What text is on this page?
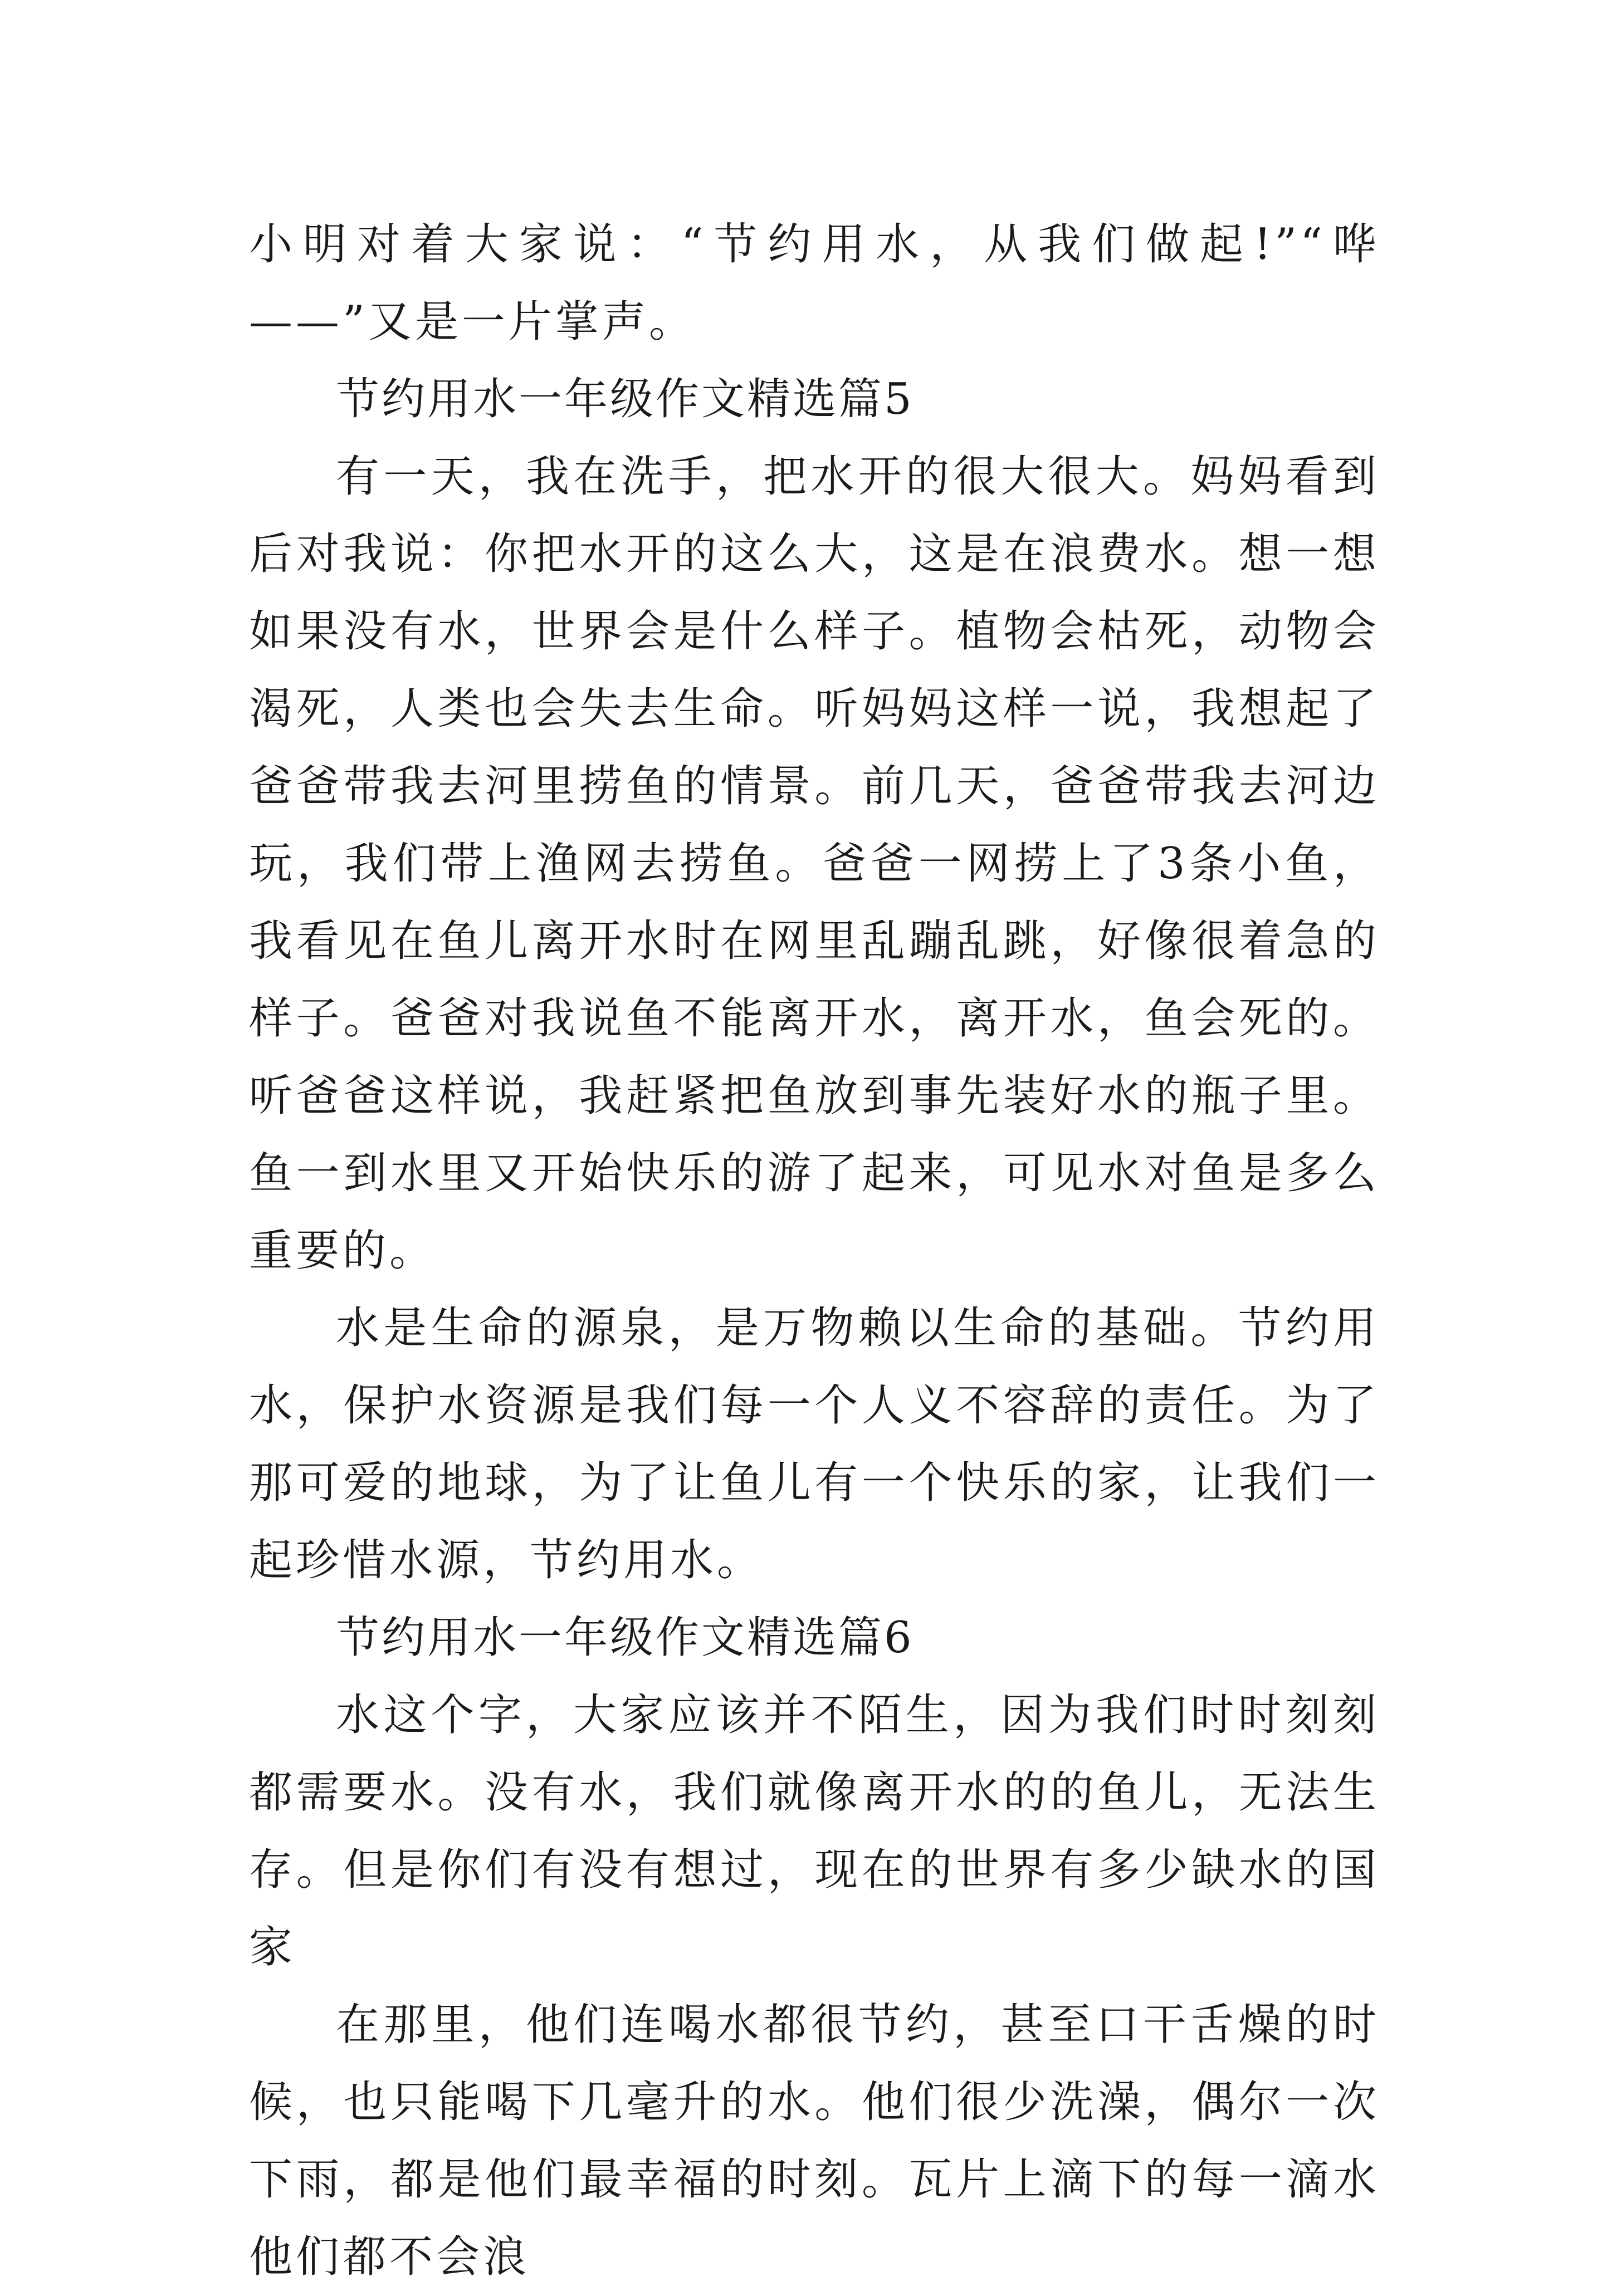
小明对着大家说：“节约用水，从我们做起!”“哗——”又是一片掌声。

节约用水一年级作文精选篇5

有一天，我在洗手，把水开的很大很大。妈妈看到后对我说：你把水开的这么大，这是在浪费水。想一想如果没有水，世界会是什么样子。植物会枯死，动物会渴死，人类也会失去生命。听妈妈这样一说，我想起了爸爸带我去河里捞鱼的情景。前几天，爸爸带我去河边玩，我们带上渔网去捞鱼。爸爸一网捞上了3条小鱼，我看见在鱼儿离开水时在网里乱蹦乱跳，好像很着急的样子。爸爸对我说鱼不能离开水，离开水，鱼会死的。听爸爸这样说，我赶紧把鱼放到事先装好水的瓶子里。鱼一到水里又开始快乐的游了起来，可见水对鱼是多么重要的。

水是生命的源泉，是万物赖以生命的基础。节约用水，保护水资源是我们每一个人义不容辞的责任。为了那可爱的地球，为了让鱼儿有一个快乐的家，让我们一起珍惜水源，节约用水。

节约用水一年级作文精选篇6

水这个字，大家应该并不陌生，因为我们时时刻刻都需要水。没有水，我们就像离开水的的鱼儿，无法生存。但是你们有没有想过，现在的世界有多少缺水的国家

在那里，他们连喝水都很节约，甚至口干舌燥的时候，也只能喝下几毫升的水。他们很少洗澡，偶尔一次下雨，都是他们最幸福的时刻。瓦片上滴下的每一滴水他们都不会浪
